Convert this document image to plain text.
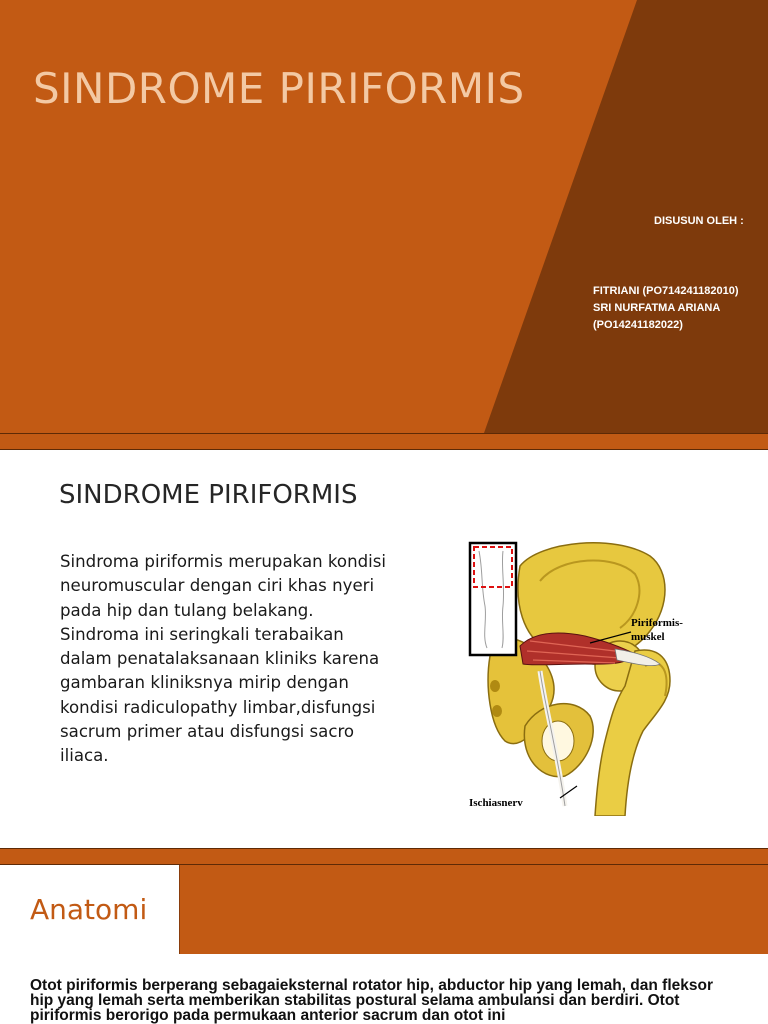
SINDROME PIRIFORMIS
DISUSUN OLEH :
FITRIANI (PO714241182010)
SRI NURFATMA ARIANA
(PO14241182022)
SINDROME PIRIFORMIS

Sindroma piriformis merupakan kondisi neuromuscular dengan ciri khas nyeri pada hip dan tulang belakang. Sindroma ini seringkali terabaikan dalam penatalaksanaan kliniks karena gambaran kliniksnya mirip dengan kondisi radiculopathy limbar,disfungsi sacrum primer atau disfungsi sacro iliaca.

Piriformis-
muskel
Ischiasnerv
Anatomi

Otot piriformis berperang sebagaieksternal rotator hip, abductor hip yang lemah, dan fleksor hip yang lemah serta memberikan stabilitas postural selama ambulansi dan berdiri. Otot piriformis berorigo pada permukaan anterior sacrum dan otot ini
